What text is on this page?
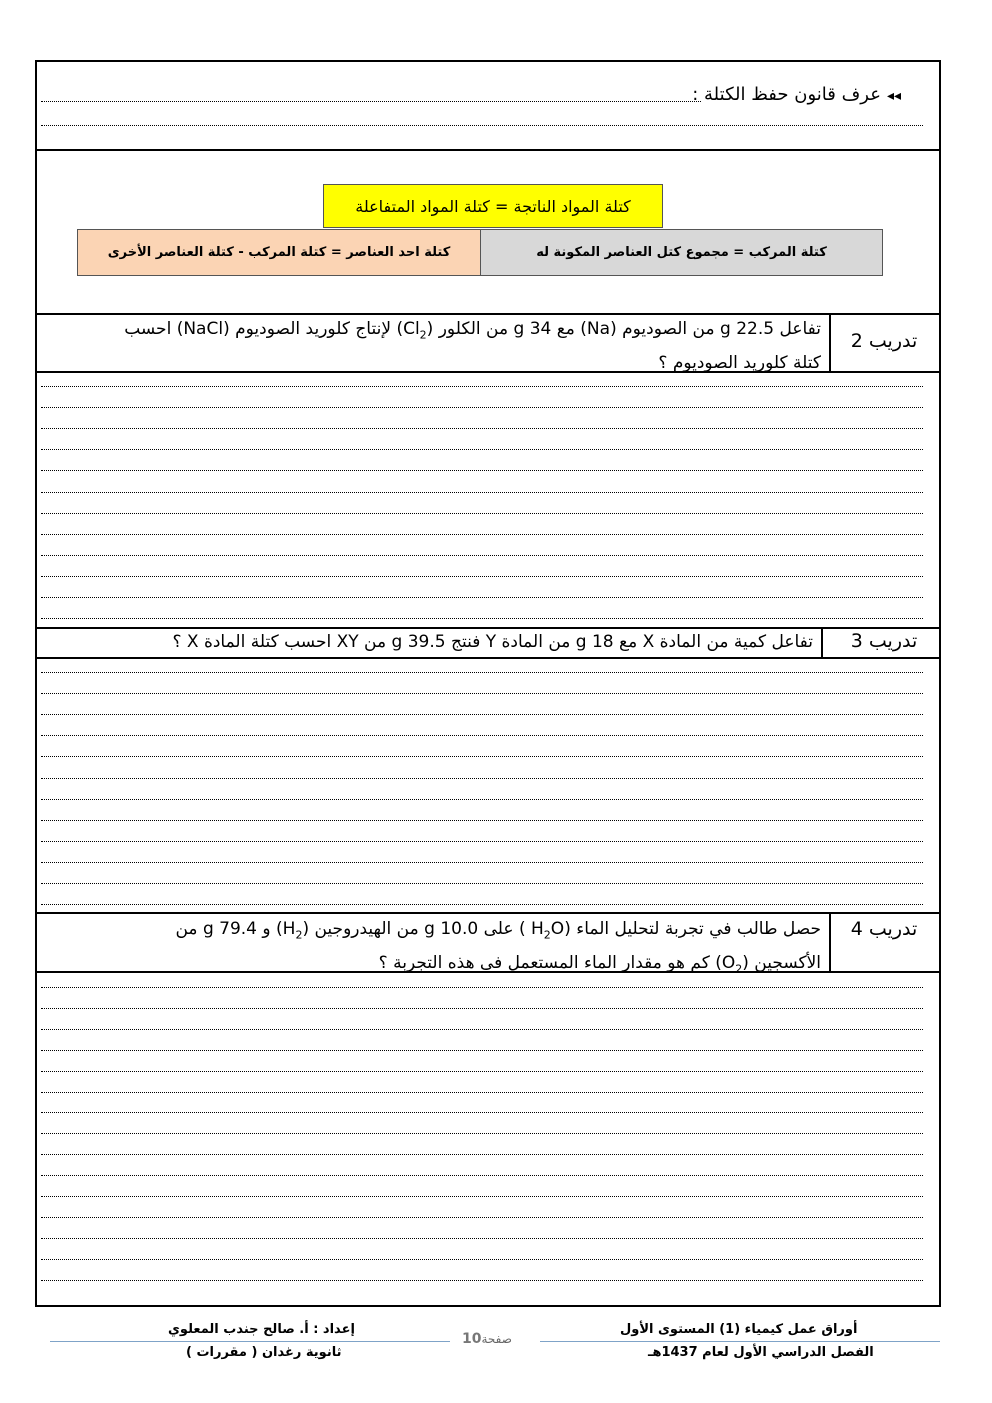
◂◂عرف قانون حفظ الكتلة :
كتلة المواد الناتجة = كتلة المواد المتفاعلة
كتلة احد العناصر = كتلة المركب - كتلة العناصر الأخرى	كتلة المركب = مجموع كتل العناصر المكونة له
تدريب 2
تفاعل 22.5 g من الصوديوم (Na) مع 34 g من الكلور $(Cl_2)$ لإنتاج كلوريد الصوديوم (NaCl) احسب
كتلة كلوريد الصوديوم ؟
تدريب 3
تفاعل كمية من المادة X مع 18 g من المادة Y فنتج 39.5 g من XY احسب كتلة المادة X ؟
تدريب 4
حصل طالب في تجربة لتحليل الماء ($H_2O$ ) على 10.0 g من الهيدروجين $(H_2)$ و 79.4 g من
الأكسجين $(O_2)$ كم هو مقدار الماء المستعمل في هذه التجربة ؟
أوراق عمل كيمياء (1) المستوى الأول
الفصل الدراسي الأول لعام 1437هـ
صفحة10
إعداد : أ. صالح جندب المعلوي
ثانوية رغدان ( مقررات )
